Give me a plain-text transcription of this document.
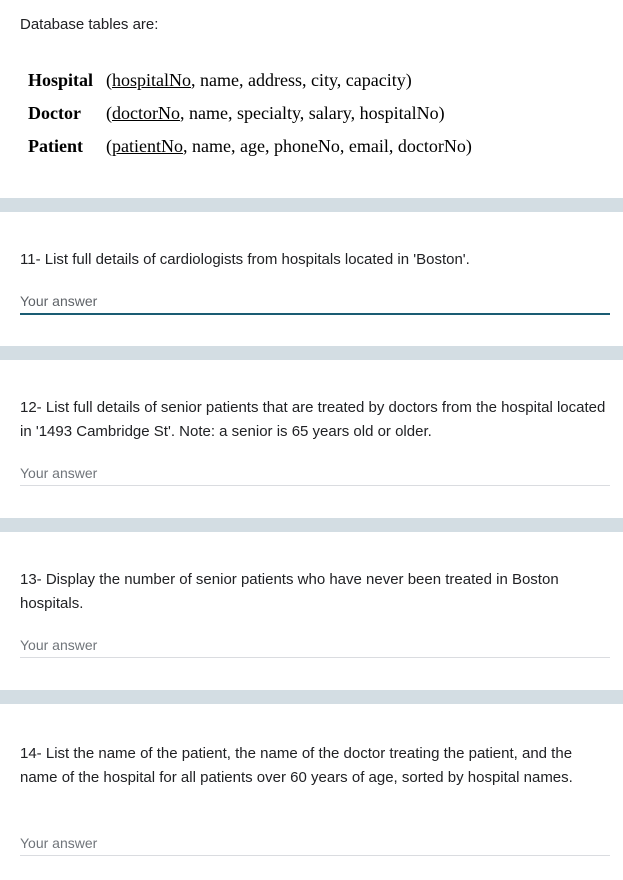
Database tables are:
Hospital (hospitalNo, name, address, city, capacity)
Doctor	(doctorNo, name, specialty, salary, hospitalNo)
Patient	(patientNo, name, age, phoneNo, email, doctorNo)
11- List full details of cardiologists from hospitals located in 'Boston'.
Your answer
12- List full details of senior patients that are treated by doctors from the hospital located in '1493 Cambridge St'. Note: a senior is 65 years old or older.
Your answer
13- Display the number of senior patients who have never been treated in Boston hospitals.
Your answer
14- List the name of the patient, the name of the doctor treating the patient, and the name of the hospital for all patients over 60 years of age, sorted by hospital names.
Your answer
